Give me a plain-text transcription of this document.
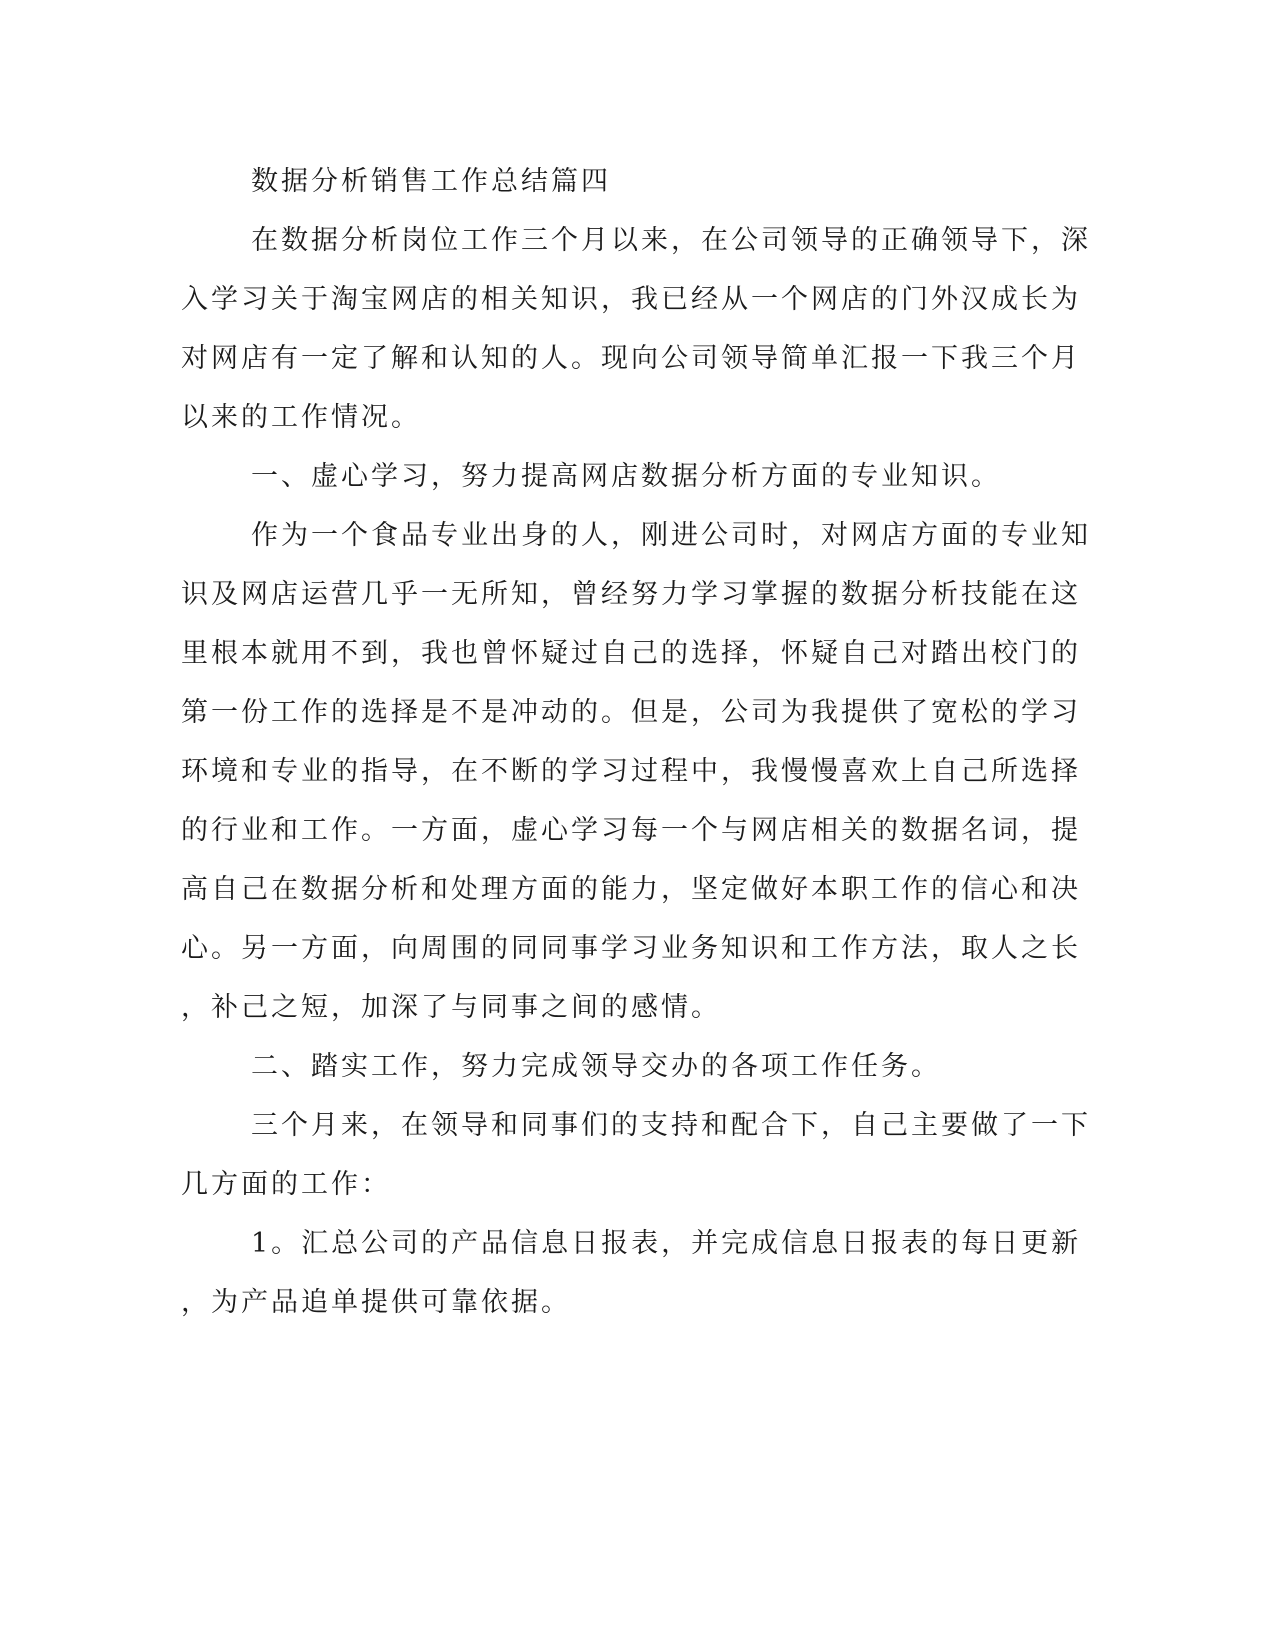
数据分析销售工作总结篇四
在数据分析岗位工作三个月以来，在公司领导的正确领导下，深
入学习关于淘宝网店的相关知识，我已经从一个网店的门外汉成长为
对网店有一定了解和认知的人。现向公司领导简单汇报一下我三个月
以来的工作情况。
一、虚心学习，努力提高网店数据分析方面的专业知识。
作为一个食品专业出身的人，刚进公司时，对网店方面的专业知
识及网店运营几乎一无所知，曾经努力学习掌握的数据分析技能在这
里根本就用不到，我也曾怀疑过自己的选择，怀疑自己对踏出校门的
第一份工作的选择是不是冲动的。但是，公司为我提供了宽松的学习
环境和专业的指导，在不断的学习过程中，我慢慢喜欢上自己所选择
的行业和工作。一方面，虚心学习每一个与网店相关的数据名词，提
高自己在数据分析和处理方面的能力，坚定做好本职工作的信心和决
心。另一方面，向周围的同同事学习业务知识和工作方法，取人之长
，补己之短，加深了与同事之间的感情。
二、踏实工作，努力完成领导交办的各项工作任务。
三个月来，在领导和同事们的支持和配合下，自己主要做了一下
几方面的工作：
1。汇总公司的产品信息日报表，并完成信息日报表的每日更新
，为产品追单提供可靠依据。
